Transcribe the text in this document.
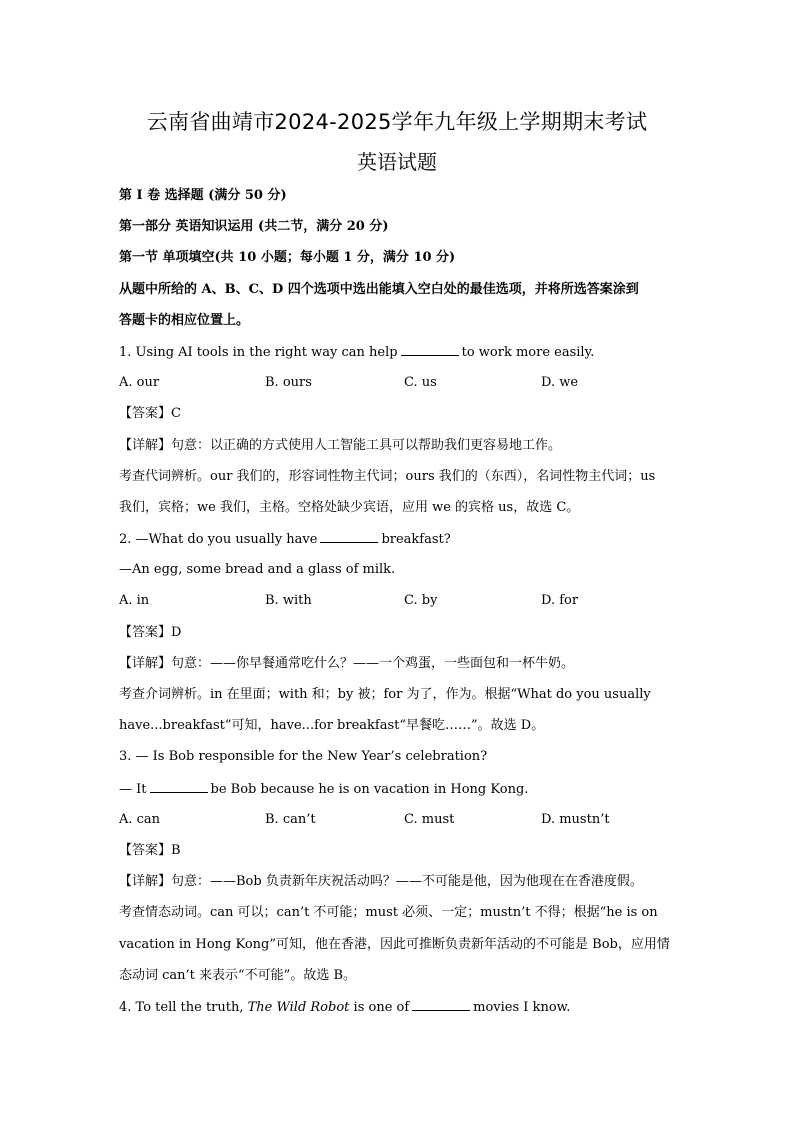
云南省曲靖市2024-2025学年九年级上学期期末考试
英语试题
第 I 卷 选择题 (满分 50 分)
第一部分 英语知识运用 (共二节，满分 20 分)
第一节 单项填空(共 10 小题；每小题 1 分，满分 10 分)
从题中所给的 A、B、C、D 四个选项中选出能填入空白处的最佳选项，并将所选答案涂到
答题卡的相应位置上。
1. Using AI tools in the right way can help	to work more easily.
A. our	B. ours	C. us	D. we
【答案】C
【详解】句意：以正确的方式使用人工智能工具可以帮助我们更容易地工作。
考查代词辨析。our 我们的，形容词性物主代词；ours 我们的（东西），名词性物主代词；us
我们，宾格；we 我们，主格。空格处缺少宾语，应用 we 的宾格 us，故选 C。
2. —What do you usually have	breakfast?
—An egg, some bread and a glass of milk.
A. in	B. with	C. by	D. for
【答案】D
【详解】句意：——你早餐通常吃什么？——一个鸡蛋，一些面包和一杯牛奶。
考查介词辨析。in 在里面；with 和；by 被；for 为了，作为。根据“What do you usually
have...breakfast”可知，have...for breakfast“早餐吃……”。故选 D。
3. — Is Bob responsible for the New Year’s celebration?
— It	be Bob because he is on vacation in Hong Kong.
A. can	B. can’t	C. must	D. mustn’t
【答案】B
【详解】句意：——Bob 负责新年庆祝活动吗？——不可能是他，因为他现在在香港度假。
考查情态动词。can 可以；can’t 不可能；must 必须、一定；mustn’t 不得；根据“he is on
vacation in Hong Kong”可知，他在香港，因此可推断负责新年活动的不可能是 Bob，应用情
态动词 can’t 来表示“不可能”。故选 B。
4. To tell the truth, The Wild Robot is one of	movies I know.
